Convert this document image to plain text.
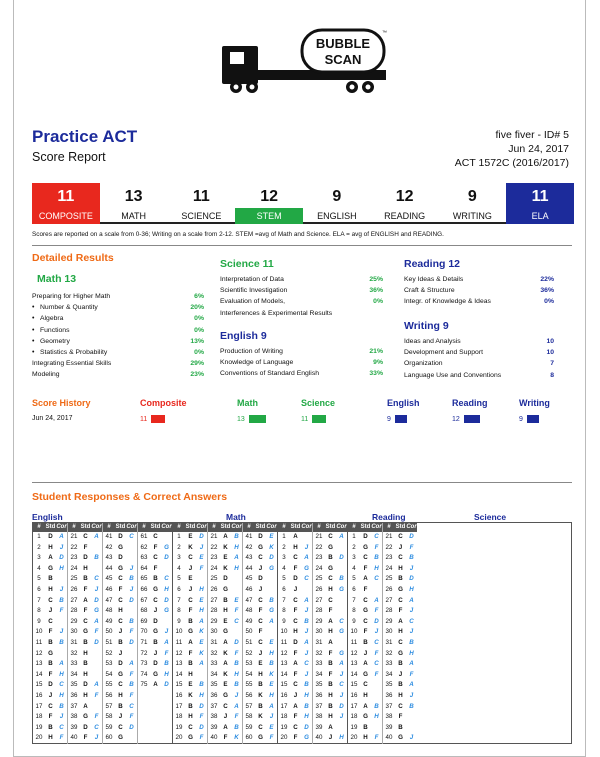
BUBBLE
SCAN
™
Practice ACT
Score Report
five fiver - ID# 5
Jun 24, 2017
ACT 1572C (2016/2017)
11
COMPOSITE
13
MATH
11
SCIENCE
12
STEM
9
ENGLISH
12
READING
9
WRITING
11
ELA
Scores are reported on a scale from 0-36; Writing on a scale from 2-12. STEM =avg of Math and Science. ELA = avg of ENGLISH and READING.
Detailed Results
Math 13
Preparing for Higher Math	6%
• Number & Quantity	20%
• Algebra	0%
• Functions	0%
• Geometry	13%
• Statistics & Probability	0%
Integrating Essential Skills	29%
Modeling	23%
Science 11
Interpretation of Data	25%
Scientific Investigation	36%
Evaluation of Models,	0%
Interferences & Experimental Results
English 9
Production of Writing	21%
Knowledge of Language	9%
Conventions of Standard English	33%
Reading 12
Key Ideas & Details	22%
Craft & Structure	36%
Integr. of Knowledge & Ideas	0%
Writing 9
Ideas and Analysis	10
Development and Support	10
Organization	7
Language Use and Conventions	8
Score History
Jun 24, 2017
Composite
11
Math
13
Science
11
English
9
Reading
12
Writing
9
Student Responses & Correct Answers
English	Math	Reading	Science
# Std Cor
1	D	A
2	H	J
3	A	D
4	G	H
5	B
6	H	J
7	C	B
8	J	F
9	C
10 F	J
11 B	B
12 G
13 B	A
14 F	H
15 D	C
16	J	H
17 C	B
18 F	J
19 B	C
20 H	F
# Std Cor
21 C	A
22 F
23 D	B
24 H
25 B	C
26 F	J
27 A	D
28 F	G
29 C	A
30 G	F
31 B	D
32 H
33 B
34 H
35 D	A
36 H	F
37 A
38 G	F
39 D	C
40 F	J
# Std Cor
41 D	C
42 G
43 D
44 G	J
45 C	B
46 F	J
47 C	D
48 H
49 C	B
50	J	F
51 B	D
52	J
53 D	A
54 G	F
55 C	B
56 H	F
57 B	C
58	J	F
59 C	D
60 G
# Std Cor
61 C
62 F	G
63 C	D
64 F
65 B	C
66 G	H
67 C	D
68	J	G
69 D
70 G	J
71 B	A
72	J	F
73 D	B
74 G	H
75 A	D
# Std Cor
1	E	D
2	K	J
3	C	E
4	J	F
5	E
6	J	H
7	C	E
8	F	H
9	B	A
10 G	K
11 A	E
12 F	K
13 B	A
14 H
15 E	B
16 K	H
17 B	D
18 H	F
19 C	D
20 G	F
# Std Cor
21 A	B
22 K	H
23 E	A
24 K	H
25 D
26 G
27 B	E
28 H	F
29 E	C
30 G
31 A	D
32 K	F
33 A	B
34 K	H
35 E	B
36 G	J
37 C	A
38	J	F
39 A	B
40 F	K
# Std Cor
41 D	E
42 G	K
43 C	D
44	J	G
45 D
46	J
47 C	B
48 F	G
49 C	A
50 F
51 C	E
52	J	H
53 E	B
54 H	K
55 B	E
56 K	H
57 B	A
58 K	J
59 C	E
60 G	F
# Std Cor
1	A
2	H	J
3	C	A
4	F	G
5	D	C
6	J
7	C	A
8	F	J
9	C	B
10 H	J
11 D	A
12 F	J
13 A	C
14 F	J
15 C	B
16	J	H
17 A	B
18 F	H
19 C	D
20 F	G
# Std Cor
21 C	A
22 G
23 B	D
24 G
25 C	B
26 H	G
27 C
28 F
29 A	C
30 H	G
31 A
32 F	G
33 B	A
34 F	J
35 B	C
36 H	J
37 B	D
38 H	J
39 A
40	J	H
# Std Cor
1	D	C
2	G	F
3	C	B
4	F	H
5	A	C
6	F
7	C	A
8	G	F
9	C	D
10 F	J
11 B	C
12	J	F
13 A	C
14 G	F
15 C
16 H
17 A	B
18 G	H
19 B
20 H	F
# Std Cor
21 C	D
22	J	F
23 C	B
24 H	J
25 B	D
26 G	H
27 C	A
28 F	J
29 A	C
30 H	J
31 C	B
32 G	H
33 B	A
34	J	F
35 B	A
36 H	J
37 C	B
38 F
39 B
40 G	J
